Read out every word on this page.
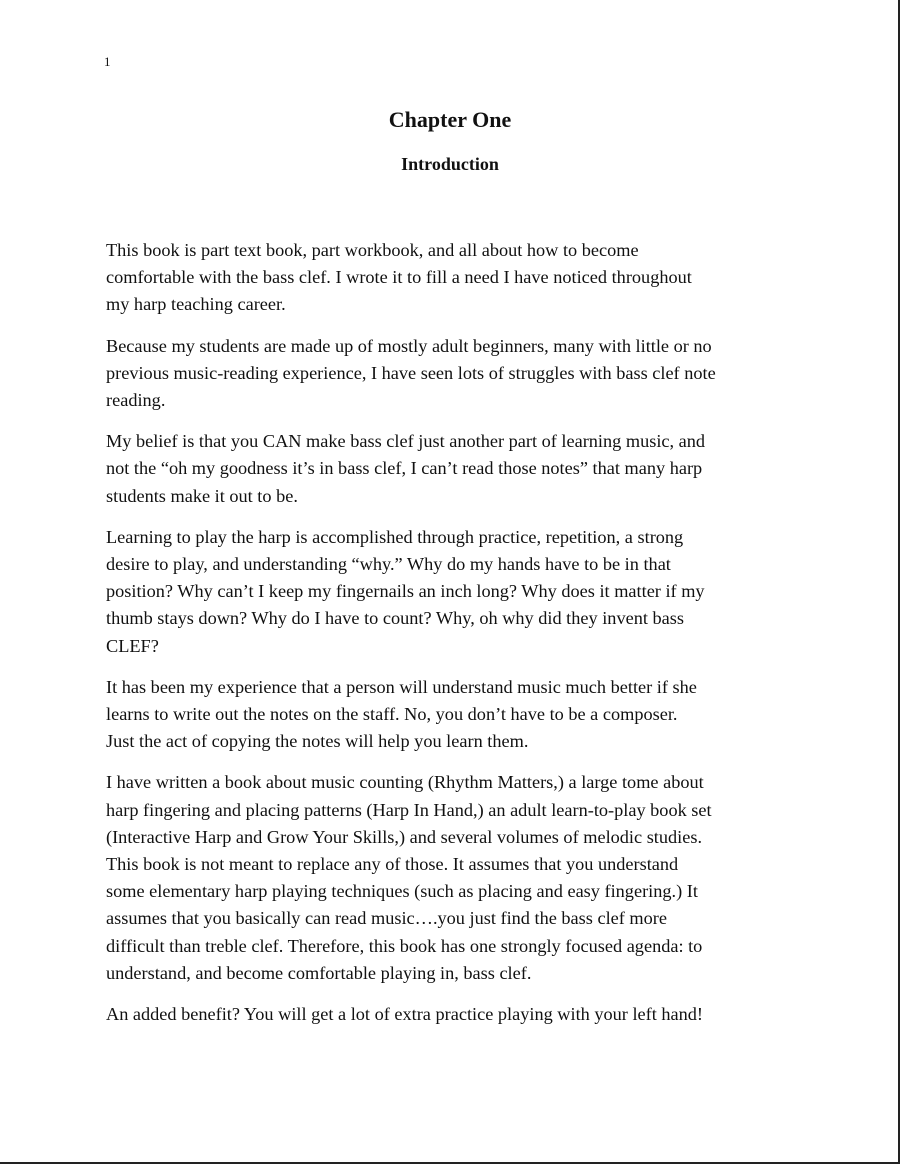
1
Chapter One
Introduction

This book is part text book, part workbook, and all about how to become
comfortable with the bass clef. I wrote it to fill a need I have noticed throughout
my harp teaching career.

Because my students are made up of mostly adult beginners, many with little or no
previous music-reading experience, I have seen lots of struggles with bass clef note
reading.

My belief is that you CAN make bass clef just another part of learning music, and
not the “oh my goodness it’s in bass clef, I can’t read those notes” that many harp
students make it out to be.

Learning to play the harp is accomplished through practice, repetition, a strong
desire to play, and understanding “why.” Why do my hands have to be in that
position? Why can’t I keep my fingernails an inch long? Why does it matter if my
thumb stays down? Why do I have to count? Why, oh why did they invent bass
CLEF?

It has been my experience that a person will understand music much better if she
learns to write out the notes on the staff. No, you don’t have to be a composer.
Just the act of copying the notes will help you learn them.

I have written a book about music counting (Rhythm Matters,) a large tome about
harp fingering and placing patterns (Harp In Hand,) an adult learn-to-play book set
(Interactive Harp and Grow Your Skills,) and several volumes of melodic studies.
This book is not meant to replace any of those. It assumes that you understand
some elementary harp playing techniques (such as placing and easy fingering.) It
assumes that you basically can read music….you just find the bass clef more
difficult than treble clef. Therefore, this book has one strongly focused agenda: to
understand, and become comfortable playing in, bass clef.

An added benefit? You will get a lot of extra practice playing with your left hand!
